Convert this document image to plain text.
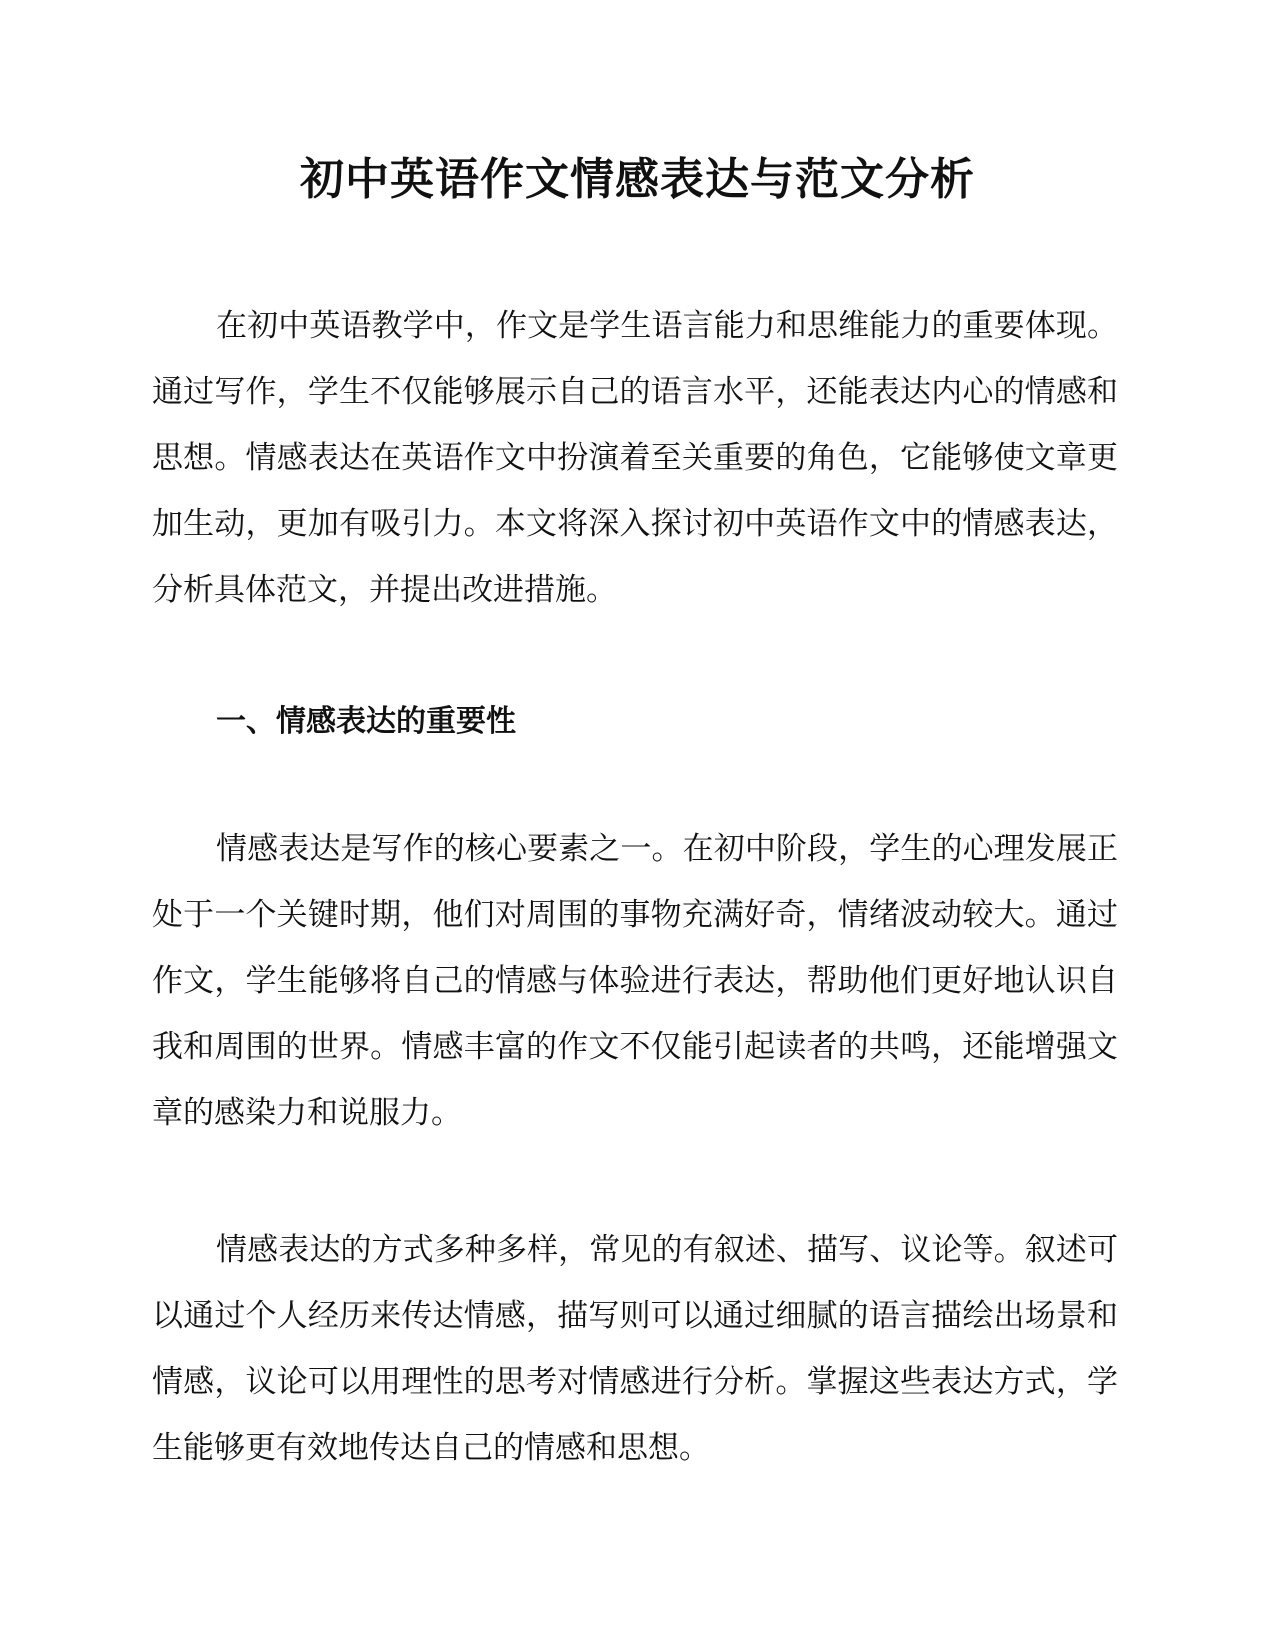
初中英语作文情感表达与范文分析

在初中英语教学中，作文是学生语言能力和思维能力的重要体现。通过写作，学生不仅能够展示自己的语言水平，还能表达内心的情感和思想。情感表达在英语作文中扮演着至关重要的角色，它能够使文章更加生动，更加有吸引力。本文将深入探讨初中英语作文中的情感表达，分析具体范文，并提出改进措施。

一、情感表达的重要性

情感表达是写作的核心要素之一。在初中阶段，学生的心理发展正处于一个关键时期，他们对周围的事物充满好奇，情绪波动较大。通过作文，学生能够将自己的情感与体验进行表达，帮助他们更好地认识自我和周围的世界。情感丰富的作文不仅能引起读者的共鸣，还能增强文章的感染力和说服力。

情感表达的方式多种多样，常见的有叙述、描写、议论等。叙述可以通过个人经历来传达情感，描写则可以通过细腻的语言描绘出场景和情感，议论可以用理性的思考对情感进行分析。掌握这些表达方式，学生能够更有效地传达自己的情感和思想。
